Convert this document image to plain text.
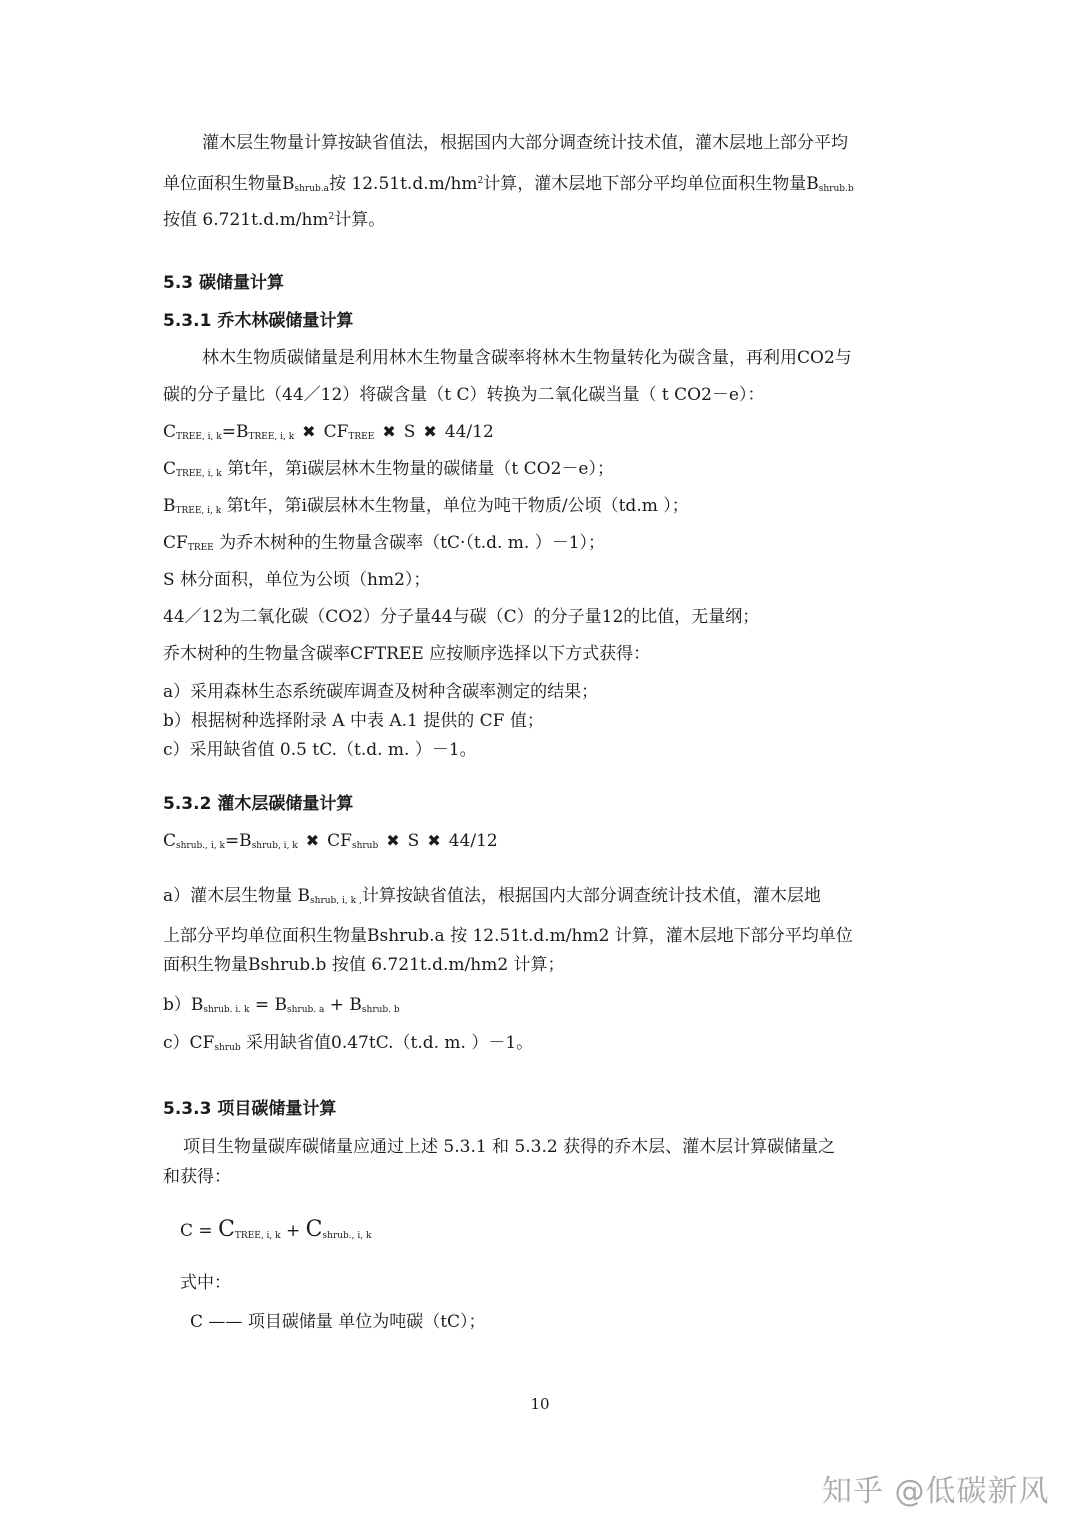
灌木层生物量计算按缺省值法，根据国内大部分调查统计技术值，灌木层地上部分平均
单位面积生物量$B_{shrub.a}$按 $12.51t.d.m/hm^2$计算，灌木层地下部分平均单位面积生物量$B_{shrub.b}$
按值 $6.721t.d.m/hm^2$计算。
5.3 碳储量计算
5.3.1 乔木林碳储量计算
林木生物质碳储量是利用林木生物量含碳率将林木生物量转化为碳含量，再利用CO2与
碳的分子量比（44／12）将碳含量（t C）转换为二氧化碳当量（ t CO2－e）：
$C_{TREE, i, k}=B_{TREE, i, k}$ ✖ $CF_{TREE}$ ✖ S ✖ 44/12
$C_{TREE, i, k}$ 第t年，第i碳层林木生物量的碳储量（t CO2－e）；
$B_{TREE, i, k}$ 第t年，第i碳层林木生物量，单位为吨干物质/公顷（td.m ）；
$CF_{TREE}$ 为乔木树种的生物量含碳率（tC·（t.d. m. ）－1）；
S 林分面积，单位为公顷（hm2）；
44／12为二氧化碳（CO2）分子量44与碳（C）的分子量12的比值，无量纲；
乔木树种的生物量含碳率CFTREE 应按顺序选择以下方式获得：
a）采用森林生态系统碳库调查及树种含碳率测定的结果；
b）根据树种选择附录 A 中表 A.1 提供的 CF 值；
c）采用缺省值 0.5 tC.（t.d. m. ）－1。
5.3.2 灌木层碳储量计算
$C_{shrub., i, k}=B_{shrub, i, k}$ ✖ $CF_{shrub}$ ✖ S ✖ 44/12
a）灌木层生物量 $B_{shrub, i, k ,}$计算按缺省值法，根据国内大部分调查统计技术值，灌木层地
上部分平均单位面积生物量Bshrub.a 按 12.51t.d.m/hm2 计算，灌木层地下部分平均单位
面积生物量Bshrub.b 按值 6.721t.d.m/hm2 计算；
$b)B_{shrub. i. k} = B_{shrub. a} + B_{shrub. b}$
$c)CF_{shrub}$ 采用缺省值0.47tC.（t.d. m. ）－1。
5.3.3 项目碳储量计算
项目生物量碳库碳储量应通过上述 5.3.1 和 5.3.2 获得的乔木层、灌木层计算碳储量之
和获得：
$C = C_{TREE, i, k} + C_{shrub., i, k}$
式中：
C —— 项目碳储量 单位为吨碳（tC）；
10
知乎 @低碳新风
